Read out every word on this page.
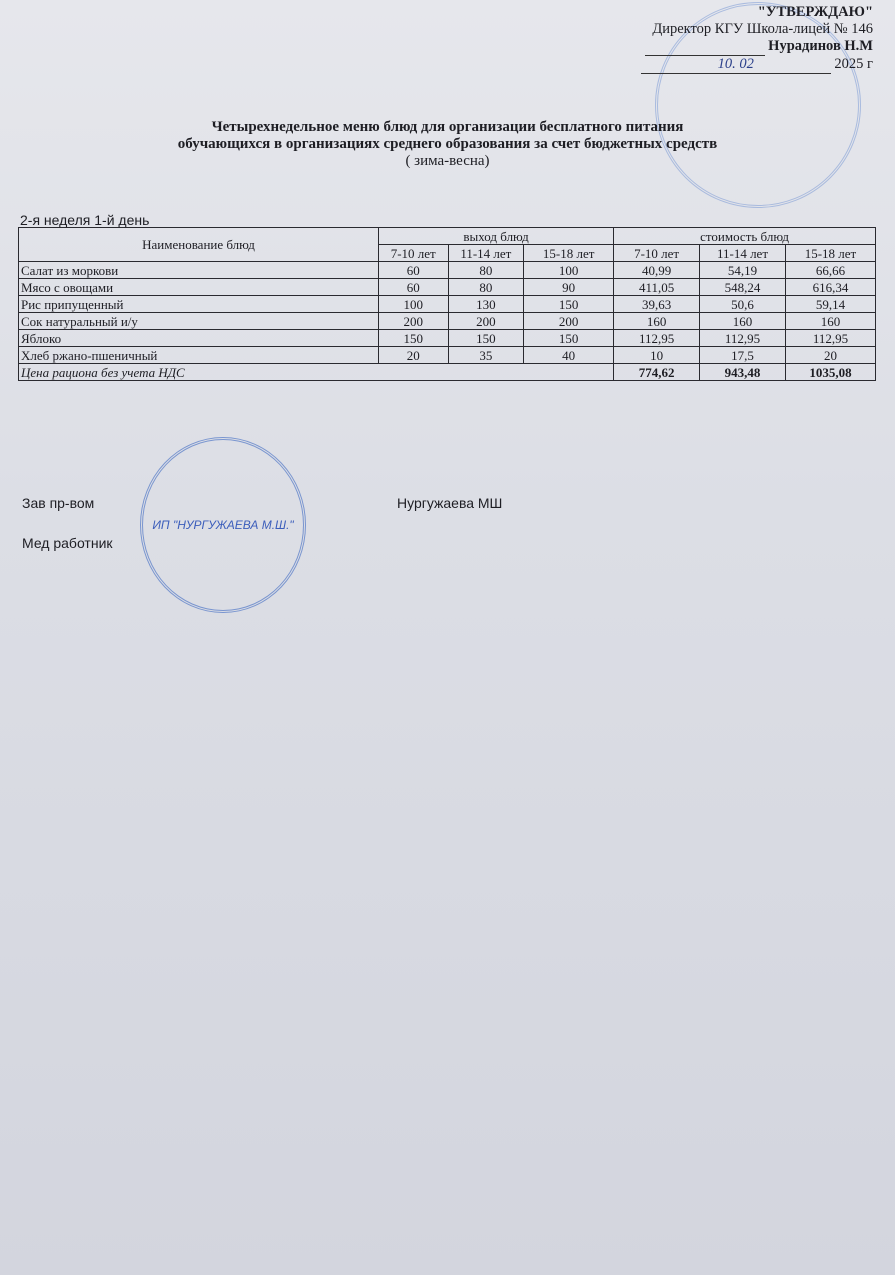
"УТВЕРЖДАЮ"
Директор КГУ Школа-лицей № 146
Нурадинов Н.М
10. 02	2025 г
Четырехнедельное меню блюд для организации бесплатного питания
обучающихся в организациях среднего образования за счет бюджетных средств
( зима-весна)
2-я неделя 1-й день
Наименование блюд	выход блюд			стоимость блюд		
	7-10 лет	11-14 лет	15-18 лет	7-10 лет	11-14 лет	15-18 лет
Салат из моркови	60	80	100	40,99	54,19	66,66
Мясо с овощами	60	80	90	411,05	548,24	616,34
Рис припущенный	100	130	150	39,63	50,6	59,14
Сок натуральный и/у	200	200	200	160	160	160
Яблоко	150	150	150	112,95	112,95	112,95
Хлеб ржано-пшеничный	20	35	40	10	17,5	20
Цена рациона без учета НДС				774,62	943,48	1035,08
Зав пр-вом	Нургужаева МШ
Мед работник
ИП "НУРГУЖАЕВА М.Ш."
